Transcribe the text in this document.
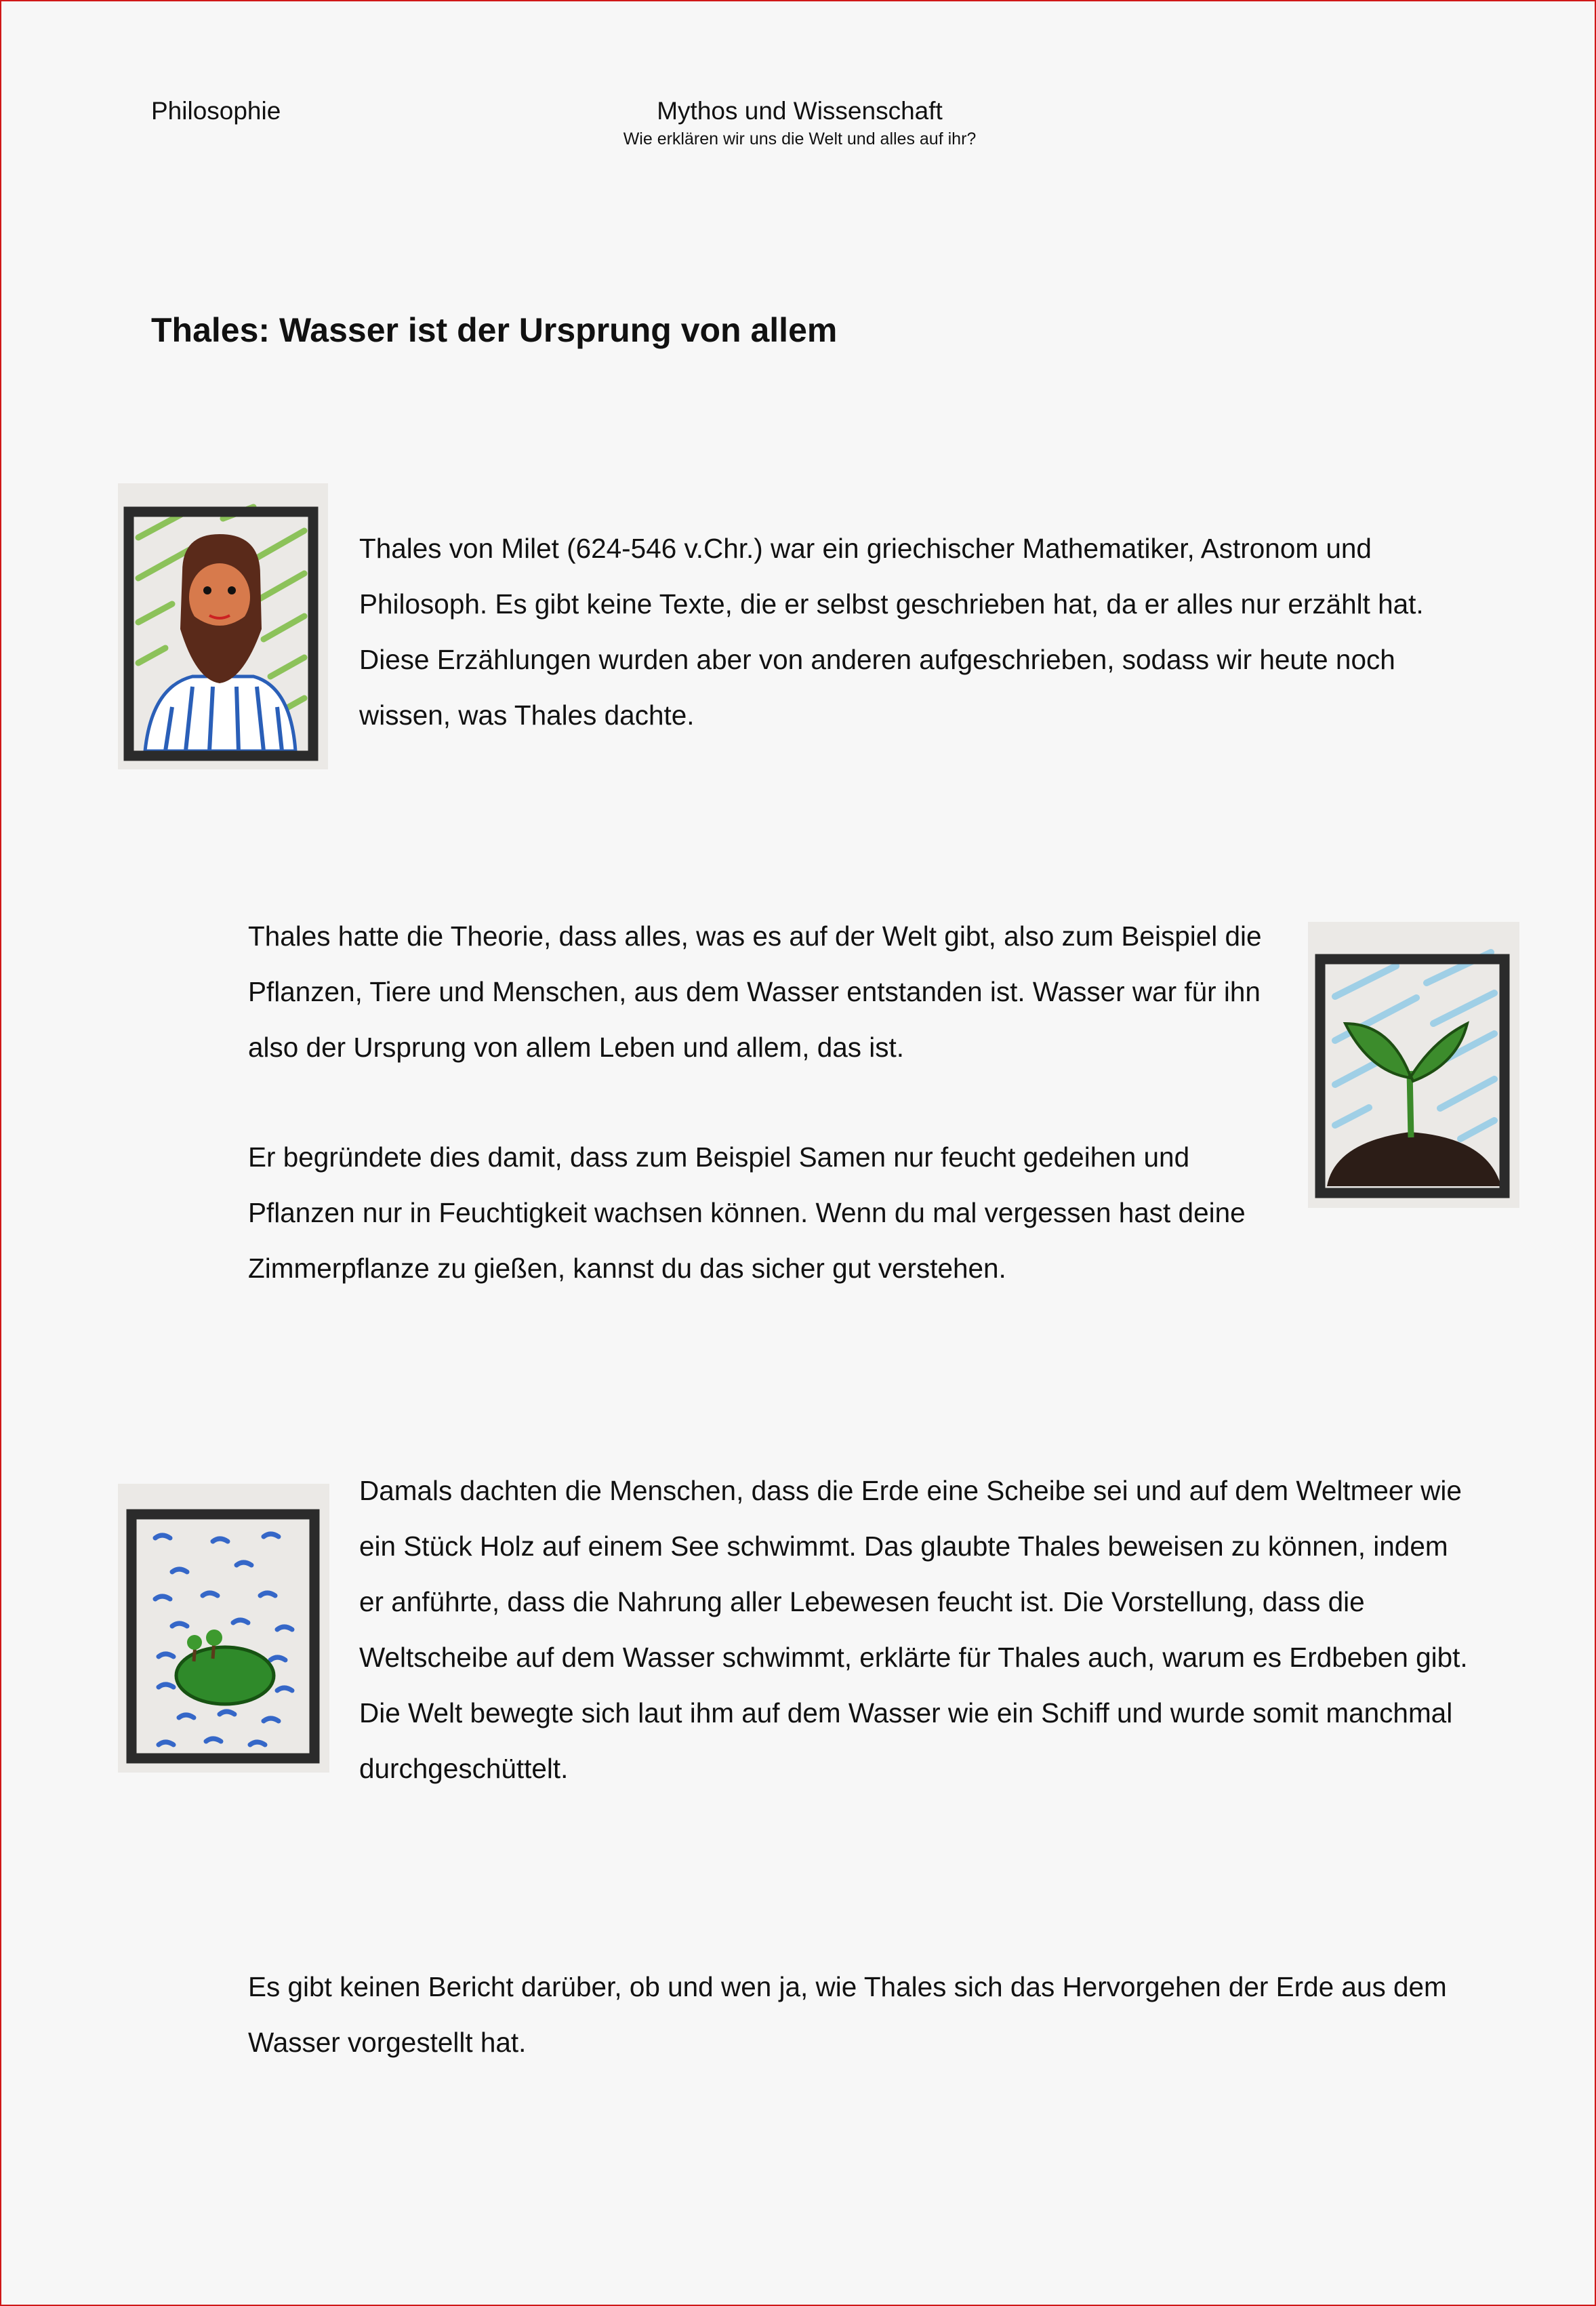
Philosophie	Mythos und Wissenschaft
Wie erklären wir uns die Welt und alles auf ihr?
Thales: Wasser ist der Ursprung von allem

Thales von Milet (624-546 v.Chr.) war ein griechischer Mathematiker, Astronom und Philosoph. Es gibt keine Texte, die er selbst geschrieben hat, da er alles nur erzählt hat. Diese Erzählungen wurden aber von anderen aufgeschrieben, sodass wir heute noch wissen, was Thales dachte.

Thales hatte die Theorie, dass alles, was es auf der Welt gibt, also zum Beispiel die Pflanzen, Tiere und Menschen, aus dem Wasser entstanden ist. Wasser war für ihn also der Ursprung von allem Leben und allem, das ist.

Er begründete dies damit, dass zum Beispiel Samen nur feucht gedeihen und Pflanzen nur in Feuchtigkeit wachsen können. Wenn du mal vergessen hast deine Zimmerpflanze zu gießen, kannst du das sicher gut verstehen.

Damals dachten die Menschen, dass die Erde eine Scheibe sei und auf dem Weltmeer wie ein Stück Holz auf einem See schwimmt. Das glaubte Thales beweisen zu können, indem er anführte, dass die Nahrung aller Lebewesen feucht ist. Die Vorstellung, dass die Weltscheibe auf dem Wasser schwimmt, erklärte für Thales auch, warum es Erdbeben gibt. Die Welt bewegte sich laut ihm auf dem Wasser wie ein Schiff und wurde somit manchmal durchgeschüttelt.

Es gibt keinen Bericht darüber, ob und wen ja, wie Thales sich das Hervorgehen der Erde aus dem Wasser vorgestellt hat.
